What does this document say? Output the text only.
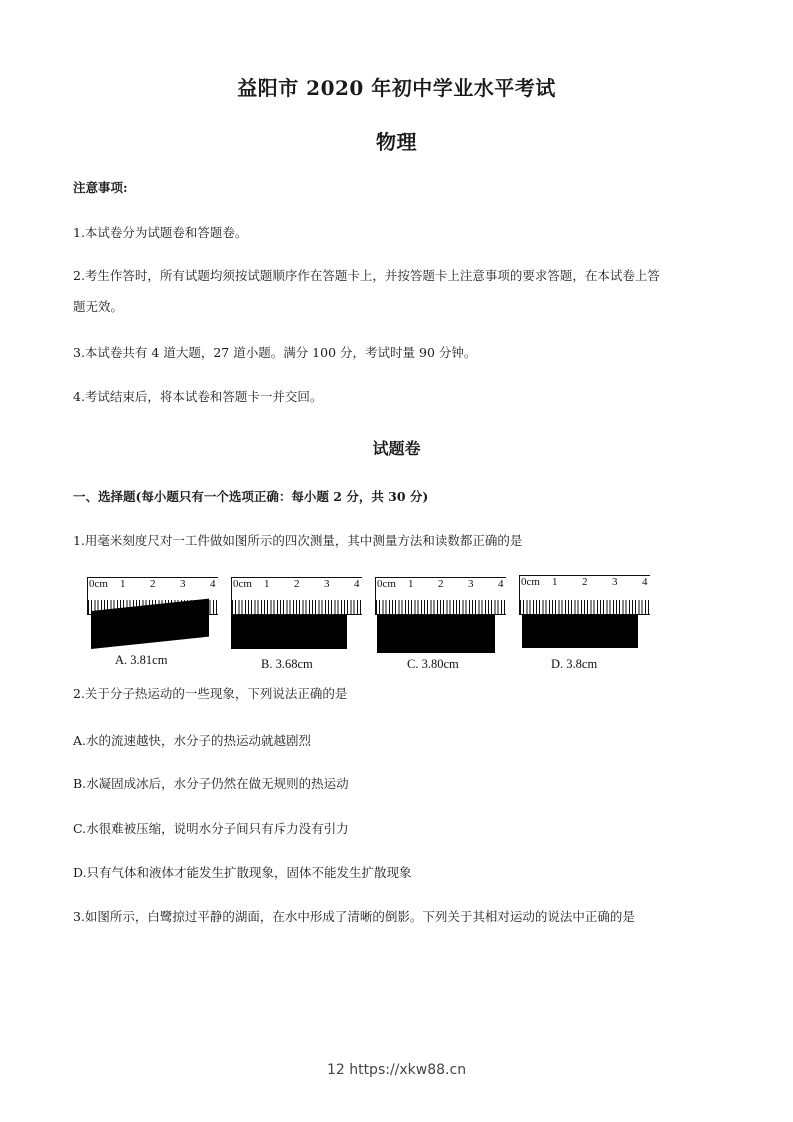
益阳市 2020 年初中学业水平考试
物理
注意事项:
1.本试卷分为试题卷和答题卷。
2.考生作答时，所有试题均须按试题顺序作在答题卡上，并按答题卡上注意事项的要求答题，在本试卷上答
题无效。
3.本试卷共有 4 道大题，27 道小题。满分 100 分，考试时量 90 分钟。
4.考试结束后，将本试卷和答题卡一并交回。
试题卷
一、选择题(每小题只有一个选项正确：每小题 2 分，共 30 分)
1.用毫米刻度尺对一工件做如图所示的四次测量，其中测量方法和读数都正确的是
0cm 1 2 3 4
A. 3.81cm
0cm 1 2 3 4
B. 3.68cm
0cm 1 2 3 4
C. 3.80cm
0cm 1 2 3 4
D. 3.8cm
2.关于分子热运动的一些现象，下列说法正确的是
A.水的流速越快，水分子的热运动就越剧烈
B.水凝固成冰后，水分子仍然在做无规则的热运动
C.水很难被压缩，说明水分子间只有斥力没有引力
D.只有气体和液体才能发生扩散现象，固体不能发生扩散现象
3.如图所示，白鹭掠过平静的湖面，在水中形成了清晰的倒影。下列关于其相对运动的说法中正确的是
12 https://xkw88.cn
